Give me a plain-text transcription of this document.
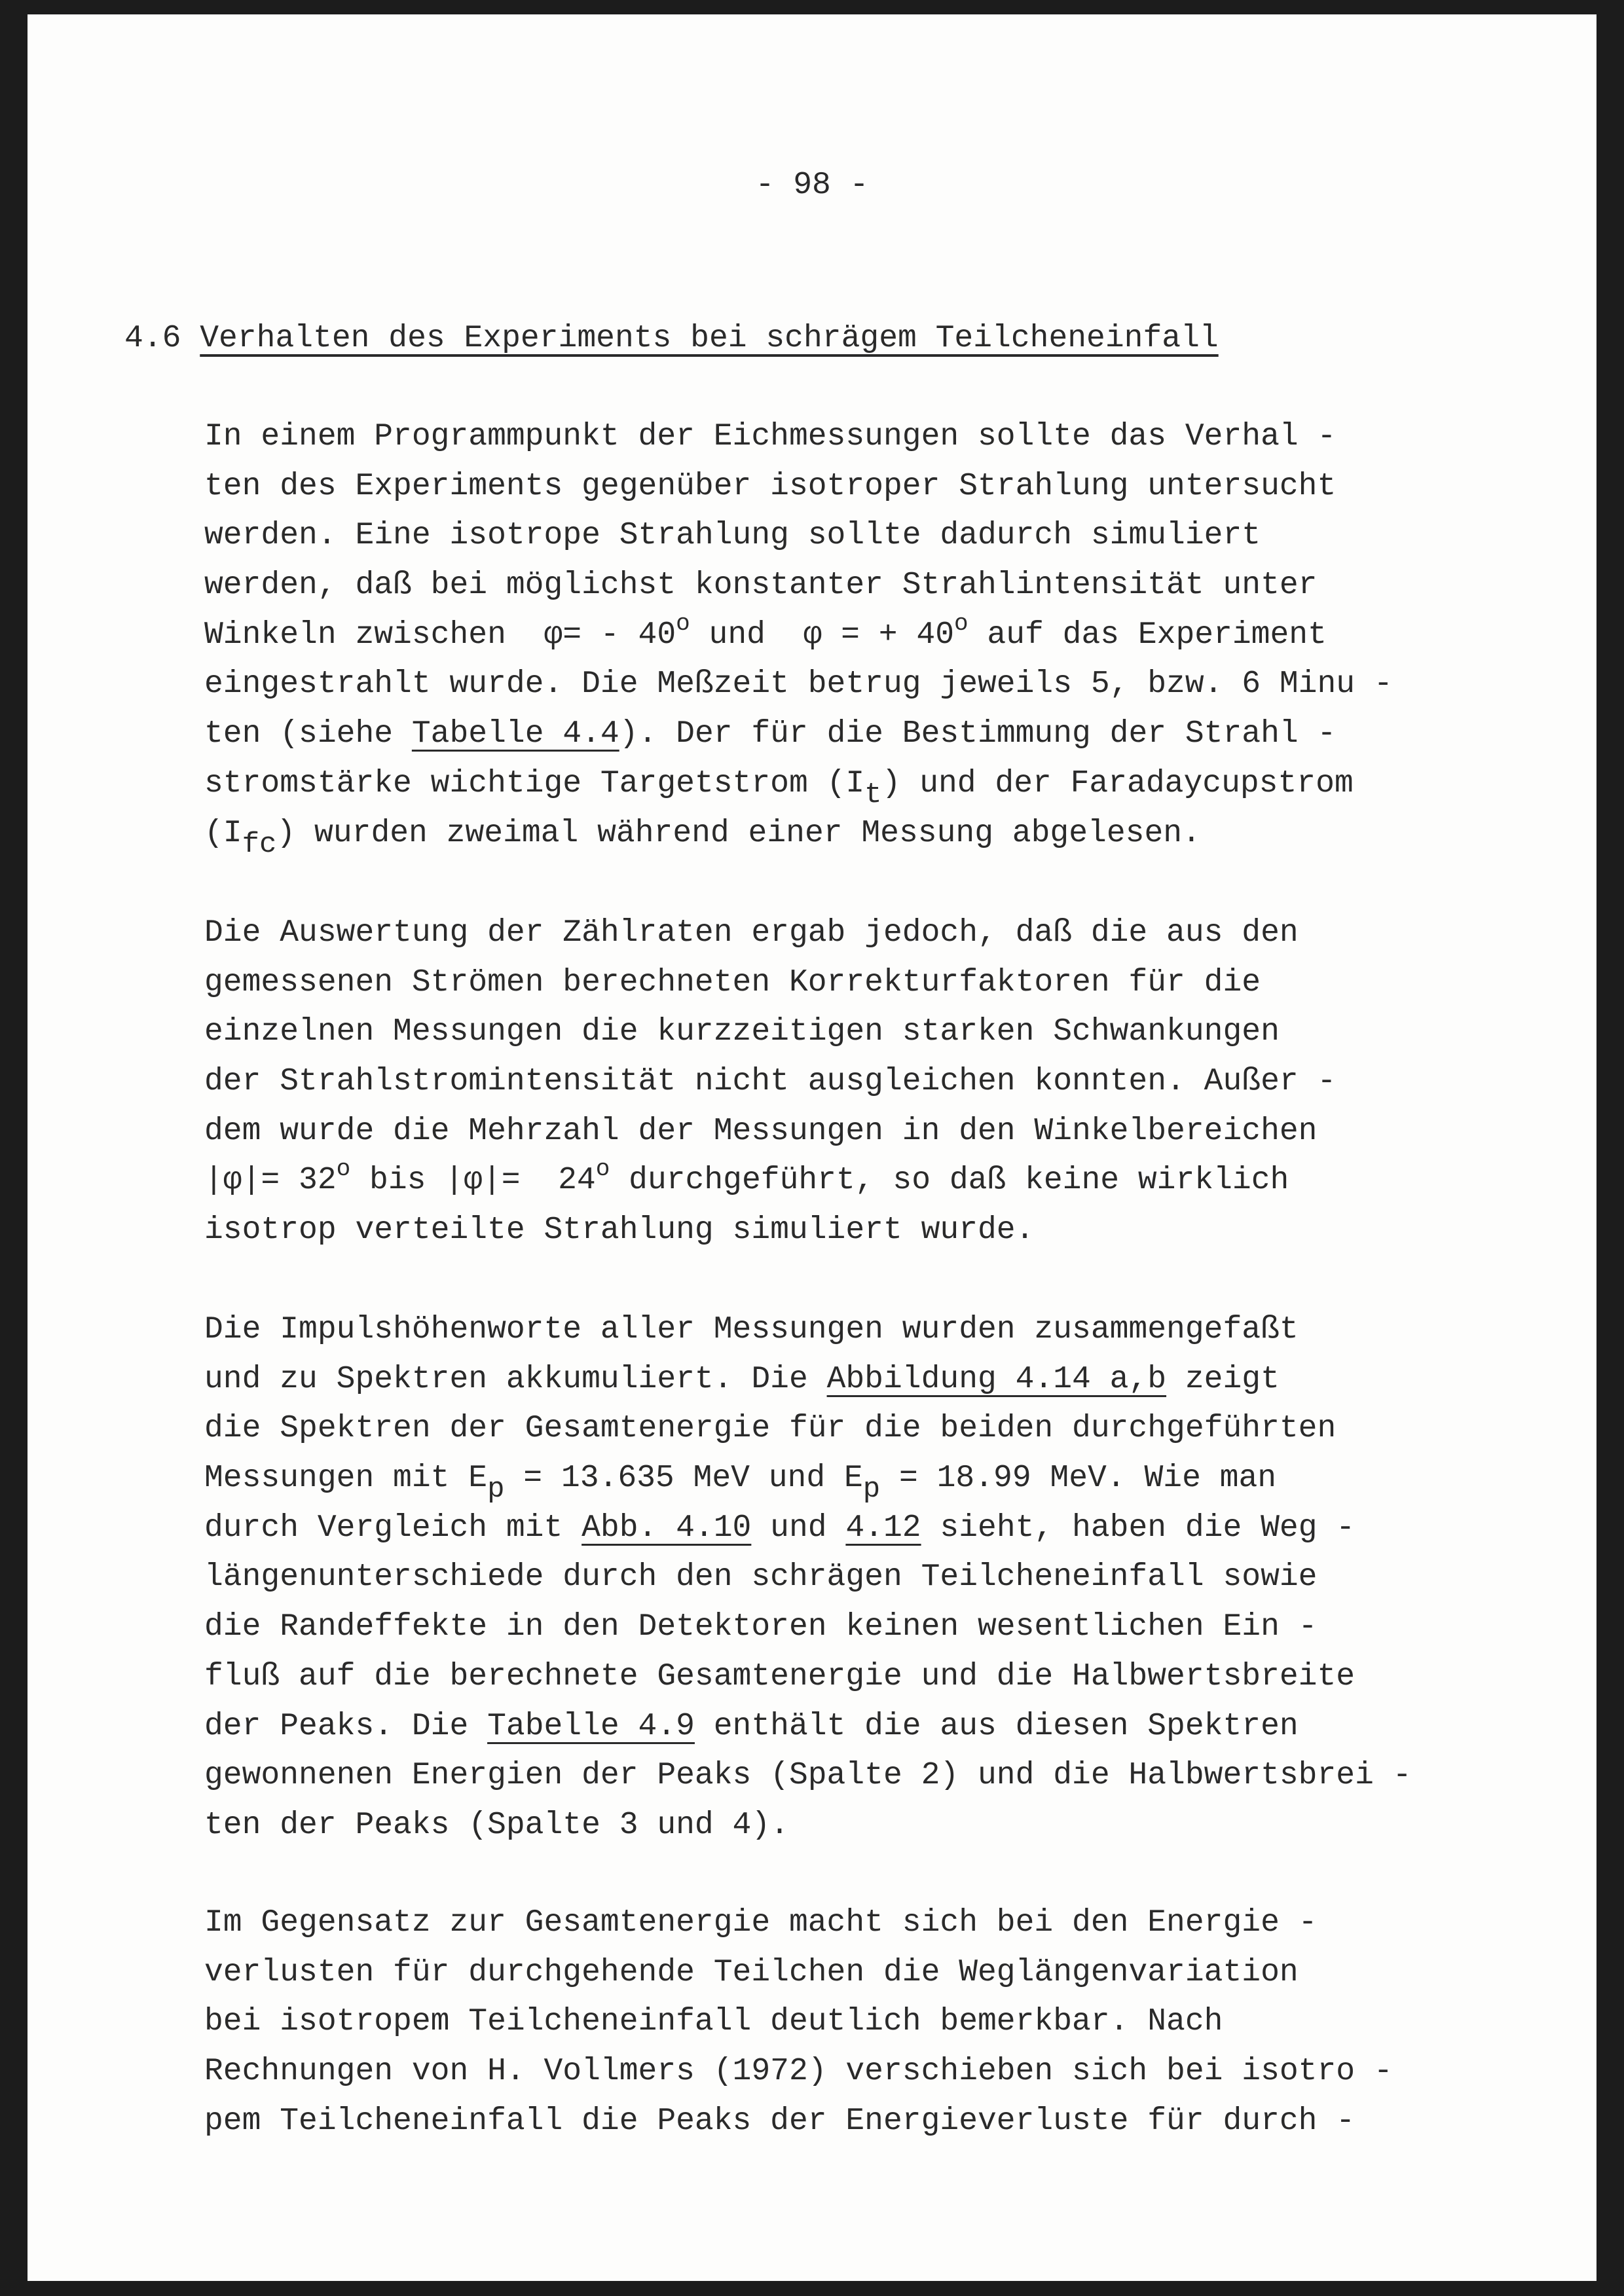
- 98 -
4.6 Verhalten des Experiments bei schrägem Teilcheneinfall
In einem Programmpunkt der Eichmessungen sollte das Verhal -
ten des Experiments gegenüber isotroper Strahlung untersucht
werden. Eine isotrope Strahlung sollte dadurch simuliert
werden, daß bei möglichst konstanter Strahlintensität unter
Winkeln zwischen  φ= - 40$^o$ und  φ = + $40^o$ auf das Experiment
eingestrahlt wurde. Die Meßzeit betrug jeweils 5, bzw. 6 Minu -
ten (siehe Tabelle 4.4). Der für die Bestimmung der Strahl -
stromstärke wichtige Targetstrom $(I_t)$ und der Faradaycupstrom
$(I_{fc})$ wurden zweimal während einer Messung abgelesen.
Die Auswertung der Zählraten ergab jedoch, daß die aus den
gemessenen Strömen berechneten Korrekturfaktoren für die
einzelnen Messungen die kurzzeitigen starken Schwankungen
der Strahlstromintensität nicht ausgleichen konnten. Außer -
dem wurde die Mehrzahl der Messungen in den Winkelbereichen
$|\varphi|= 32^o$ bis |φ|=  24$^o$ durchgeführt, so daß keine wirklich
isotrop verteilte Strahlung simuliert wurde.
Die Impulshöhenworte aller Messungen wurden zusammengefaßt
und zu Spektren akkumuliert. Die Abbildung 4.14 a,b zeigt
die Spektren der Gesamtenergie für die beiden durchgeführten
Messungen mit $E_p = 13.635$ MeV und $E_p = 18.99$ MeV. Wie man
durch Vergleich mit Abb. 4.10 und 4.12 sieht, haben die Weg -
längenunterschiede durch den schrägen Teilcheneinfall sowie
die Randeffekte in den Detektoren keinen wesentlichen Ein -
fluß auf die berechnete Gesamtenergie und die Halbwertsbreite
der Peaks. Die Tabelle 4.9 enthält die aus diesen Spektren
gewonnenen Energien der Peaks (Spalte 2) und die Halbwertsbrei -
ten der Peaks (Spalte 3 und 4).
Im Gegensatz zur Gesamtenergie macht sich bei den Energie -
verlusten für durchgehende Teilchen die Weglängenvariation
bei isotropem Teilcheneinfall deutlich bemerkbar. Nach
Rechnungen von H. Vollmers (1972) verschieben sich bei isotro -
pem Teilcheneinfall die Peaks der Energieverluste für durch -
